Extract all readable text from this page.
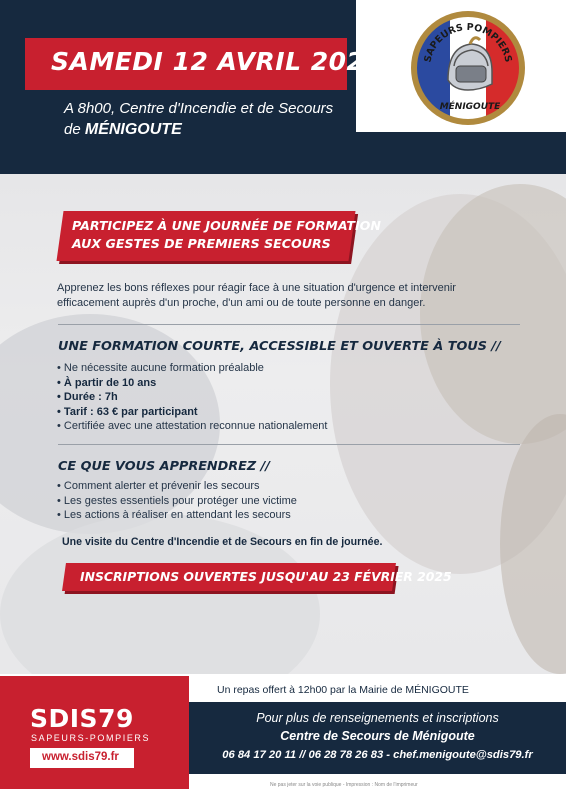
SAMEDI 12 AVRIL 2025
A 8h00, Centre d'Incendie et de Secours
de MÉNIGOUTE
SAPEURS POMPIERS
MÉNIGOUTE
PARTICIPEZ À UNE JOURNÉE DE FORMATION
AUX GESTES DE PREMIERS SECOURS
Apprenez les bons réflexes pour réagir face à une situation d'urgence et intervenir efficacement auprès d'un proche, d'un ami ou de toute personne en danger.
UNE FORMATION COURTE, ACCESSIBLE ET OUVERTE À TOUS //
• Ne nécessite aucune formation préalable
• À partir de 10 ans
• Durée : 7h
• Tarif : 63 € par participant
• Certifiée avec une attestation reconnue nationalement
CE QUE VOUS APPRENDREZ //
• Comment alerter et prévenir les secours
• Les gestes essentiels pour protéger une victime
• Les actions à réaliser en attendant les secours
Une visite du Centre d'Incendie et de Secours en fin de journée.
INSCRIPTIONS OUVERTES JUSQU'AU 23 FÉVRIER 2025
SDIS79
SAPEURS-POMPIERS
www.sdis79.fr
Un repas offert à 12h00 par la Mairie de MÉNIGOUTE
Pour plus de renseignements et inscriptions
Centre de Secours de Ménigoute
06 84 17 20 11 // 06 28 78 26 83 - chef.menigoute@sdis79.fr
Ne pas jeter sur la voie publique - Impression : Nom de l'imprimeur
